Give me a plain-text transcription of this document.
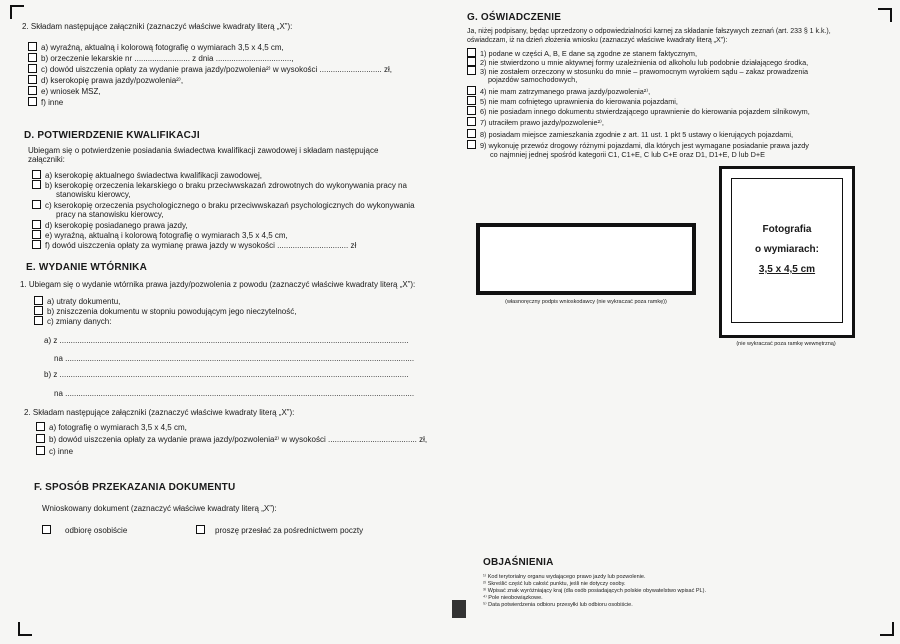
2. Składam następujące załączniki (zaznaczyć właściwe kwadraty literą „X”):
a) wyraźną, aktualną i kolorową fotografię o wymiarach 3,5 x 4,5 cm,
b) orzeczenie lekarskie nr ......................... z dnia ..................................,
c) dowód uiszczenia opłaty za wydanie prawa jazdy/pozwolenia²⁾ w wysokości ............................ zł,
d) kserokopię prawa jazdy/pozwolenia²⁾,
e) wniosek MSZ,
f) inne
D. POTWIERDZENIE KWALIFIKACJI
Ubiegam się o potwierdzenie posiadania świadectwa kwalifikacji zawodowej i składam następujące
załączniki:
a) kserokopię aktualnego świadectwa kwalifikacji zawodowej,
b) kserokopię orzeczenia lekarskiego o braku przeciwwskazań zdrowotnych do wykonywania pracy na
stanowisku kierowcy,
c) kserokopię orzeczenia psychologicznego o braku przeciwwskazań psychologicznych do wykonywania
pracy na stanowisku kierowcy,
d) kserokopię posiadanego prawa jazdy,
e) wyraźną, aktualną i kolorową fotografię o wymiarach 3,5 x 4,5 cm,
f) dowód uiszczenia opłaty za wymianę prawa jazdy w wysokości ................................ zł
E. WYDANIE WTÓRNIKA
1. Ubiegam się o wydanie wtórnika prawa jazdy/pozwolenia z powodu (zaznaczyć właściwe kwadraty literą „X”):
a) utraty dokumentu,
b) zniszczenia dokumentu w stopniu powodującym jego nieczytelność,
c) zmiany danych:
a) z .............................................................................................................................................................
na .............................................................................................................................................................
b) z .............................................................................................................................................................
na .............................................................................................................................................................
2. Składam następujące załączniki (zaznaczyć właściwe kwadraty literą „X”):
a) fotografię o wymiarach 3,5 x 4,5 cm,
b) dowód uiszczenia opłaty za wydanie prawa jazdy/pozwolenia²⁾ w wysokości ........................................ zł,
c) inne
F. SPOSÓB PRZEKAZANIA DOKUMENTU
Wnioskowany dokument (zaznaczyć właściwe kwadraty literą „X”):
odbiorę osobiście	proszę przesłać za pośrednictwem poczty
G. OŚWIADCZENIE
Ja, niżej podpisany, będąc uprzedzony o odpowiedzialności karnej za składanie fałszywych zeznań (art. 233 § 1 k.k.),
oświadczam, iż na dzień złożenia wniosku (zaznaczyć właściwe kwadraty literą „X”):
1) podane w części A, B, E dane są zgodne ze stanem faktycznym,
2) nie stwierdzono u mnie aktywnej formy uzależnienia od alkoholu lub podobnie działającego środka,
3) nie zostałem orzeczony w stosunku do mnie – prawomocnym wyrokiem sądu – zakaz prowadzenia
pojazdów samochodowych,
4) nie mam zatrzymanego prawa jazdy/pozwolenia²⁾,
5) nie mam cofniętego uprawnienia do kierowania pojazdami,
6) nie posiadam innego dokumentu stwierdzającego uprawnienie do kierowania pojazdem silnikowym,
7) utraciłem prawo jazdy/pozwolenie²⁾,
8) posiadam miejsce zamieszkania zgodnie z art. 11 ust. 1 pkt 5 ustawy o kierujących pojazdami,
9) wykonuję przewóz drogowy różnymi pojazdami, dla których jest wymagane posiadanie prawa jazdy
co najmniej jednej spośród kategorii C1, C1+E, C lub C+E oraz D1, D1+E, D lub D+E
(własnoręczny podpis wnioskodawcy (nie wykraczać poza ramkę))
Fotografia
o wymiarach:
3,5 x 4,5 cm
(nie wykraczać poza ramkę wewnętrzną)
OBJAŚNIENIA
¹⁾ Kod terytorialny organu wydającego prawo jazdy lub pozwolenie.
²⁾ Skreślić część lub całość punktu, jeśli nie dotyczy osoby.
³⁾ Wpisać znak wyróżniający kraj (dla osób posiadających polskie obywatelstwo wpisać PL).
⁴⁾ Pole nieobowiązkowe.
⁵⁾ Data potwierdzenia odbioru przesyłki lub odbioru osobiście.
